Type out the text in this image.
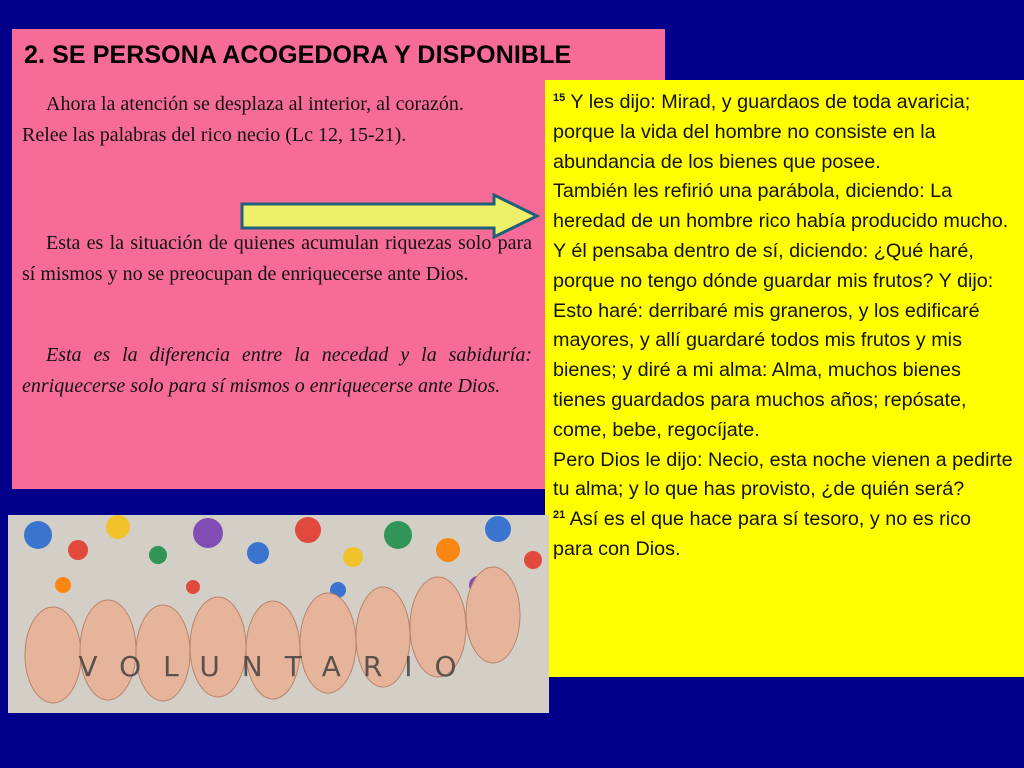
2. SE PERSONA ACOGEDORA Y DISPONIBLE

Ahora la atención se desplaza al interior, al corazón.
Relee las palabras del rico necio (Lc 12, 15-21).

Esta es la situación de quienes acumulan riquezas solo para sí mismos y no se preocupan de enriquecerse ante Dios.

Esta es la diferencia entre la necedad y la sabiduría: enriquecerse solo para sí mismos o enriquecerse ante Dios.

$^{15}$ Y les dijo: Mirad, y guardaos de toda avaricia; porque la vida del hombre no consiste en la abundancia de los bienes que posee.

También les refirió una parábola, diciendo: La heredad de un hombre rico había producido mucho. Y él pensaba dentro de sí, diciendo: ¿Qué haré, porque no tengo dónde guardar mis frutos? Y dijo: Esto haré: derribaré mis graneros, y los edificaré mayores, y allí guardaré todos mis frutos y mis bienes; y diré a mi alma: Alma, muchos bienes tienes guardados para muchos años; repósate, come, bebe, regocíjate.

Pero Dios le dijo: Necio, esta noche vienen a pedirte tu alma; y lo que has provisto, ¿de quién será?

$^{21}$ Así es el que hace para sí tesoro, y no es rico para con Dios.

VOLUNTARIO
